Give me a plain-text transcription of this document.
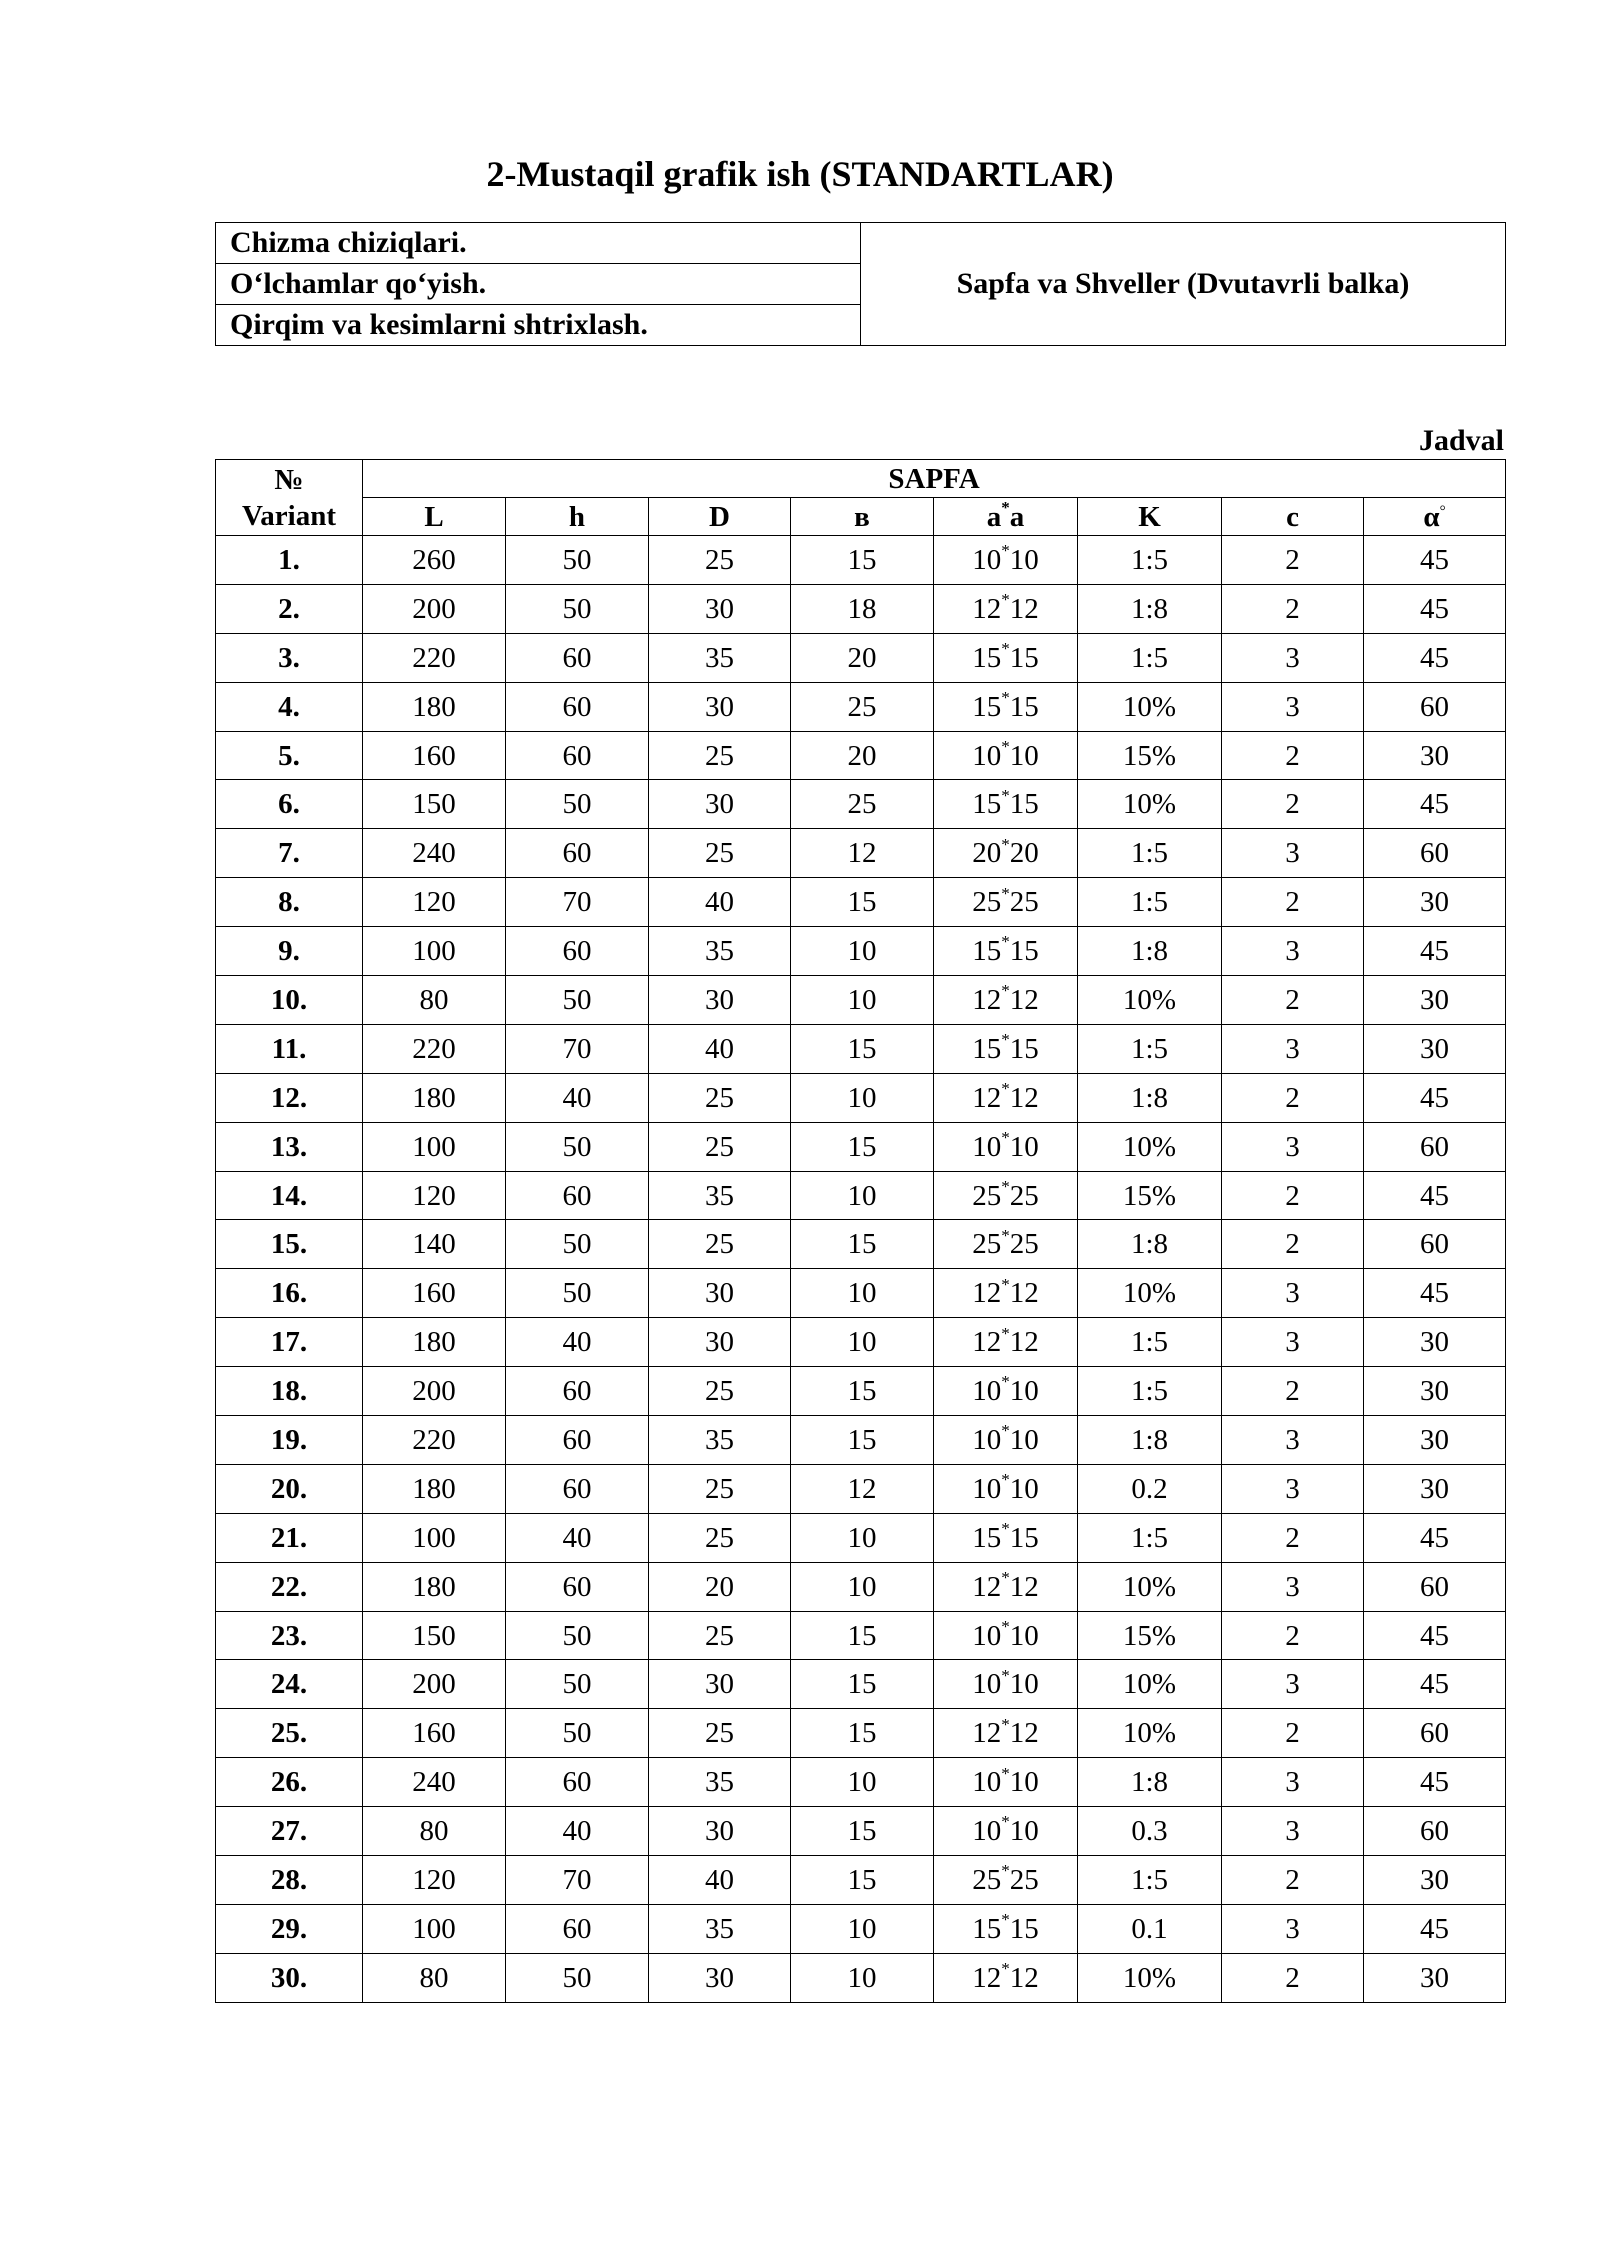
2-Mustaqil grafik ish (STANDARTLAR)
Chizma chiziqlari.	Sapfa va Shveller (Dvutavrli balka)
O‘lchamlar qo‘yish.
Qirqim va kesimlarni shtrixlash.
Jadval
№
Variant	SAPFA							
	L	h	D	в	a*a	K	c	α°
1.	260	50	25	15	10*10	1:5	2	45
2.	200	50	30	18	12*12	1:8	2	45
3.	220	60	35	20	15*15	1:5	3	45
4.	180	60	30	25	15*15	10%	3	60
5.	160	60	25	20	10*10	15%	2	30
6.	150	50	30	25	15*15	10%	2	45
7.	240	60	25	12	20*20	1:5	3	60
8.	120	70	40	15	25*25	1:5	2	30
9.	100	60	35	10	15*15	1:8	3	45
10.	80	50	30	10	12*12	10%	2	30
11.	220	70	40	15	15*15	1:5	3	30
12.	180	40	25	10	12*12	1:8	2	45
13.	100	50	25	15	10*10	10%	3	60
14.	120	60	35	10	25*25	15%	2	45
15.	140	50	25	15	25*25	1:8	2	60
16.	160	50	30	10	12*12	10%	3	45
17.	180	40	30	10	12*12	1:5	3	30
18.	200	60	25	15	10*10	1:5	2	30
19.	220	60	35	15	10*10	1:8	3	30
20.	180	60	25	12	10*10	0.2	3	30
21.	100	40	25	10	15*15	1:5	2	45
22.	180	60	20	10	12*12	10%	3	60
23.	150	50	25	15	10*10	15%	2	45
24.	200	50	30	15	10*10	10%	3	45
25.	160	50	25	15	12*12	10%	2	60
26.	240	60	35	10	10*10	1:8	3	45
27.	80	40	30	15	10*10	0.3	3	60
28.	120	70	40	15	25*25	1:5	2	30
29.	100	60	35	10	15*15	0.1	3	45
30.	80	50	30	10	12*12	10%	2	30
